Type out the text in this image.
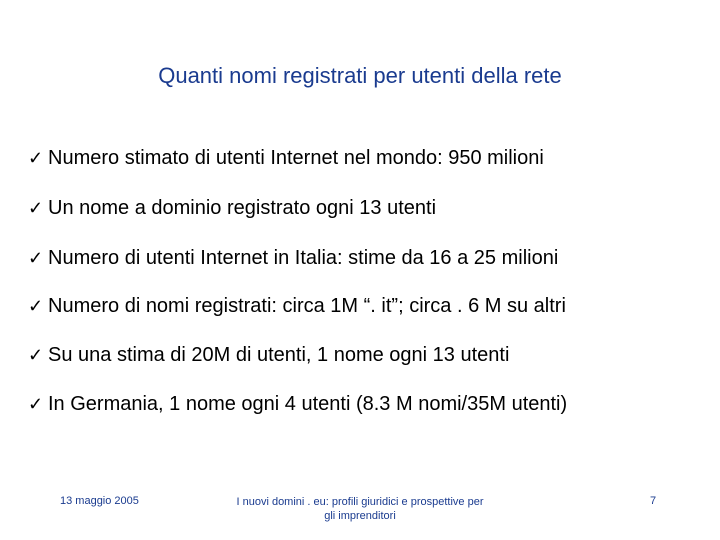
Quanti nomi registrati per utenti della rete
✓ Numero stimato di utenti Internet nel mondo: 950 milioni
✓ Un nome a dominio registrato ogni 13 utenti
✓ Numero di utenti Internet in Italia: stime da 16 a 25 milioni
✓ Numero di nomi registrati: circa 1M “. it”; circa . 6 M su altri
✓ Su una stima di 20M di utenti, 1 nome ogni 13 utenti
✓ In Germania, 1 nome ogni 4 utenti (8.3 M nomi/35M utenti)
13 maggio 2005	I nuovi domini . eu: profili giuridici e prospettive per
gli imprenditori
7
